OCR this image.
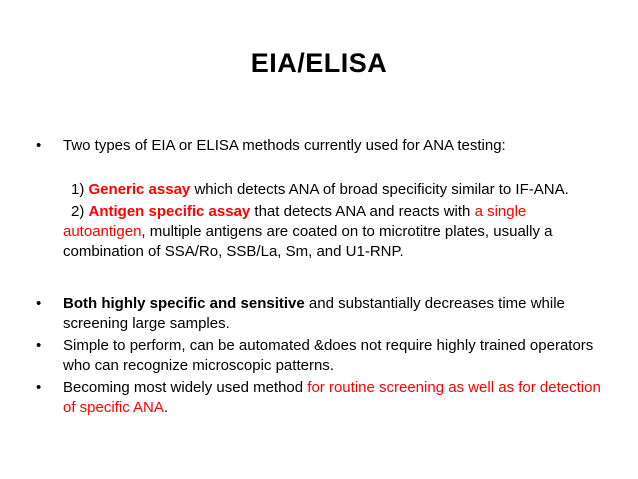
EIA/ELISA

• Two types of EIA or ELISA methods currently used for ANA testing:

1) Generic assay which detects ANA of broad specificity similar to IF-ANA.

2) Antigen specific assay that detects ANA and reacts with a single autoantigen, multiple antigens are coated on to microtitre plates, usually a combination of SSA/Ro, SSB/La, Sm, and U1-RNP.

• Both highly specific and sensitive and substantially decreases time while screening large samples.

• Simple to perform, can be automated &does not require highly trained operators who can recognize microscopic patterns.

• Becoming most widely used method for routine screening as well as for detection of specific ANA.
